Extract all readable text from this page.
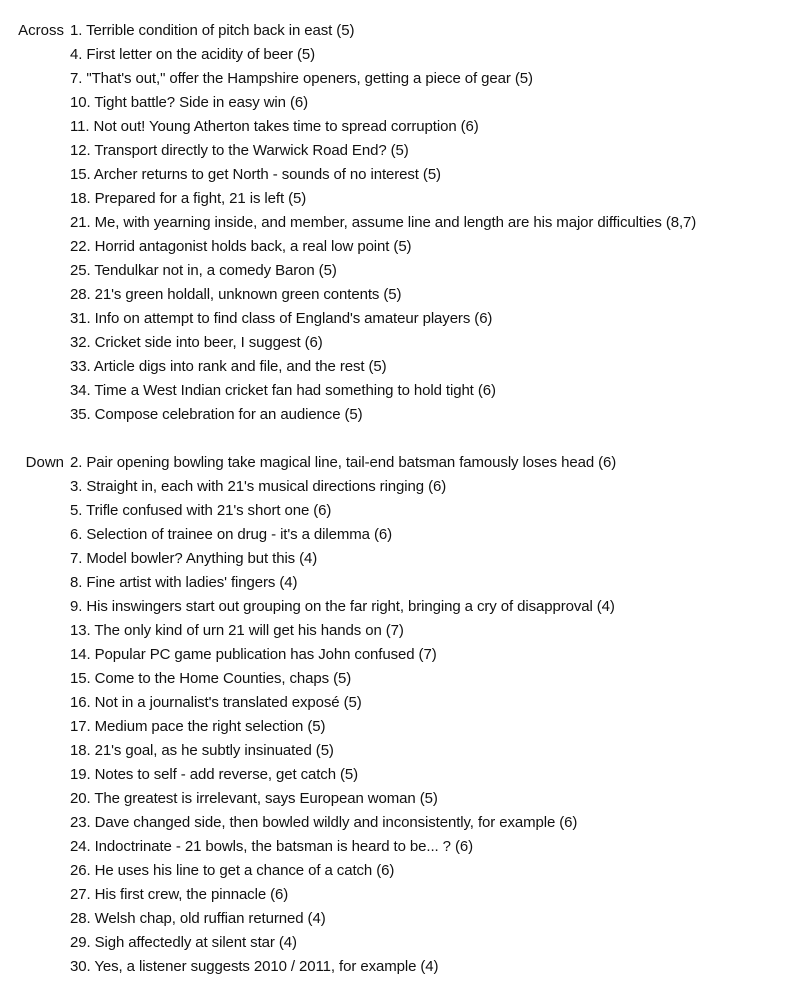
Across 1. Terrible condition of pitch back in east (5)
4. First letter on the acidity of beer (5)
7. "That's out," offer the Hampshire openers, getting a piece of gear (5)
10. Tight battle? Side in easy win (6)
11. Not out! Young Atherton takes time to spread corruption (6)
12. Transport directly to the Warwick Road End? (5)
15. Archer returns to get North - sounds of no interest (5)
18. Prepared for a fight, 21 is left (5)
21. Me, with yearning inside, and member, assume line and length are his major difficulties (8,7)
22. Horrid antagonist holds back, a real low point (5)
25. Tendulkar not in, a comedy Baron (5)
28. 21's green holdall, unknown green contents (5)
31. Info on attempt to find class of England's amateur players (6)
32. Cricket side into beer, I suggest (6)
33. Article digs into rank and file, and the rest (5)
34. Time a West Indian cricket fan had something to hold tight (6)
35. Compose celebration for an audience (5)
Down 2. Pair opening bowling take magical line, tail-end batsman famously loses head (6)
3. Straight in, each with 21's musical directions ringing (6)
5. Trifle confused with 21's short one (6)
6. Selection of trainee on drug - it's a dilemma (6)
7. Model bowler? Anything but this (4)
8. Fine artist with ladies' fingers (4)
9. His inswingers start out grouping on the far right, bringing a cry of disapproval (4)
13. The only kind of urn 21 will get his hands on (7)
14. Popular PC game publication has John confused (7)
15. Come to the Home Counties, chaps (5)
16. Not in a journalist's translated exposé (5)
17. Medium pace the right selection (5)
18. 21's goal, as he subtly insinuated (5)
19. Notes to self - add reverse, get catch (5)
20. The greatest is irrelevant, says European woman (5)
23. Dave changed side, then bowled wildly and inconsistently, for example (6)
24. Indoctrinate - 21 bowls, the batsman is heard to be... ? (6)
26. He uses his line to get a chance of a catch (6)
27. His first crew, the pinnacle (6)
28. Welsh chap, old ruffian returned (4)
29. Sigh affectedly at silent star (4)
30. Yes, a listener suggests 2010 / 2011, for example (4)
